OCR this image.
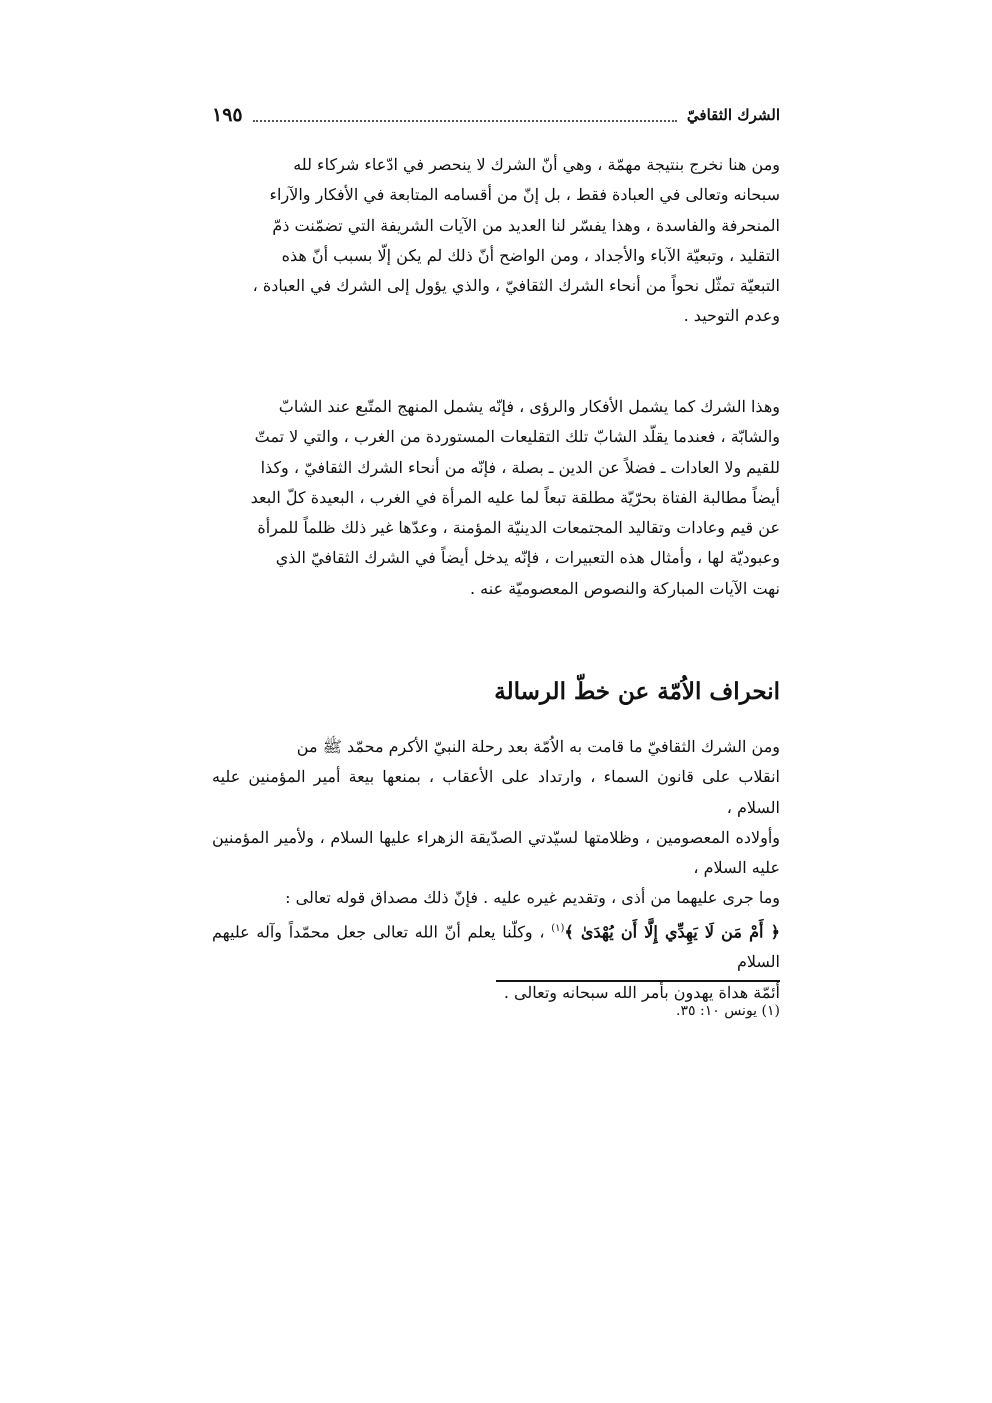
الشرك الثقافيّ
١٩٥

ومن هنا نخرج بنتيجة مهمّة ، وهي أنّ الشرك لا ينحصر في ادّعاء شركاء لله

سبحانه وتعالى في العبادة فقط ، بل إنّ من أقسامه المتابعة في الأفكار والآراء

المنحرفة والفاسدة ، وهذا يفسّر لنا العديد من الآيات الشريفة التي تضمّنت ذمّ

التقليد ، وتبعيّة الآباء والأجداد ، ومن الواضح أنّ ذلك لم يكن إلّا بسبب أنّ هذه

التبعيّة تمثّل نحواً من أنحاء الشرك الثقافيّ ، والذي يؤول إلى الشرك في العبادة ،

وعدم التوحيد .

وهذا الشرك كما يشمل الأفكار والرؤى ، فإنّه يشمل المنهج المتّبع عند الشابّ

والشابّة ، فعندما يقلّد الشابّ تلك التقليعات المستوردة من الغرب ، والتي لا تمتّ

للقيم ولا العادات ـ فضلاً عن الدين ـ بصلة ، فإنّه من أنحاء الشرك الثقافيّ ، وكذا

أيضاً مطالبة الفتاة بحرّيّة مطلقة تبعاً لما عليه المرأة في الغرب ، البعيدة كلّ البعد

عن قيم وعادات وتقاليد المجتمعات الدينيّة المؤمنة ، وعدّها غير ذلك ظلماً للمرأة

وعبوديّة لها ، وأمثال هذه التعبيرات ، فإنّه يدخل أيضاً في الشرك الثقافيّ الذي

نهت الآيات المباركة والنصوص المعصوميّة عنه .

انحراف الاُمّة عن خطّ الرسالة

ومن الشرك الثقافيّ ما قامت به الاُمّة بعد رحلة النبيّ الأكرم محمّد ﷺ من

انقلاب على قانون السماء ، وارتداد على الأعقاب ، بمنعها بيعة أمير المؤمنين عليه السلام ،

وأولاده المعصومين ، وظلامتها لسيّدتي الصدّيقة الزهراء عليها السلام ، ولأمير المؤمنين عليه السلام ،

وما جرى عليهما من أذى ، وتقديم غيره عليه . فإنّ ذلك مصداق قوله تعالى :

﴿ أَمْ مَن لَا يَهِدِّي إِلَّا أَن يُهْدَىٰ ﴾$^{(١)}$ ، وكلّنا يعلم أنّ الله تعالى جعل محمّداً وآله عليهم السلام

أئمّة هداة يهدون بأمر الله سبحانه وتعالى .

(١) يونس ١٠: ٣٥.
